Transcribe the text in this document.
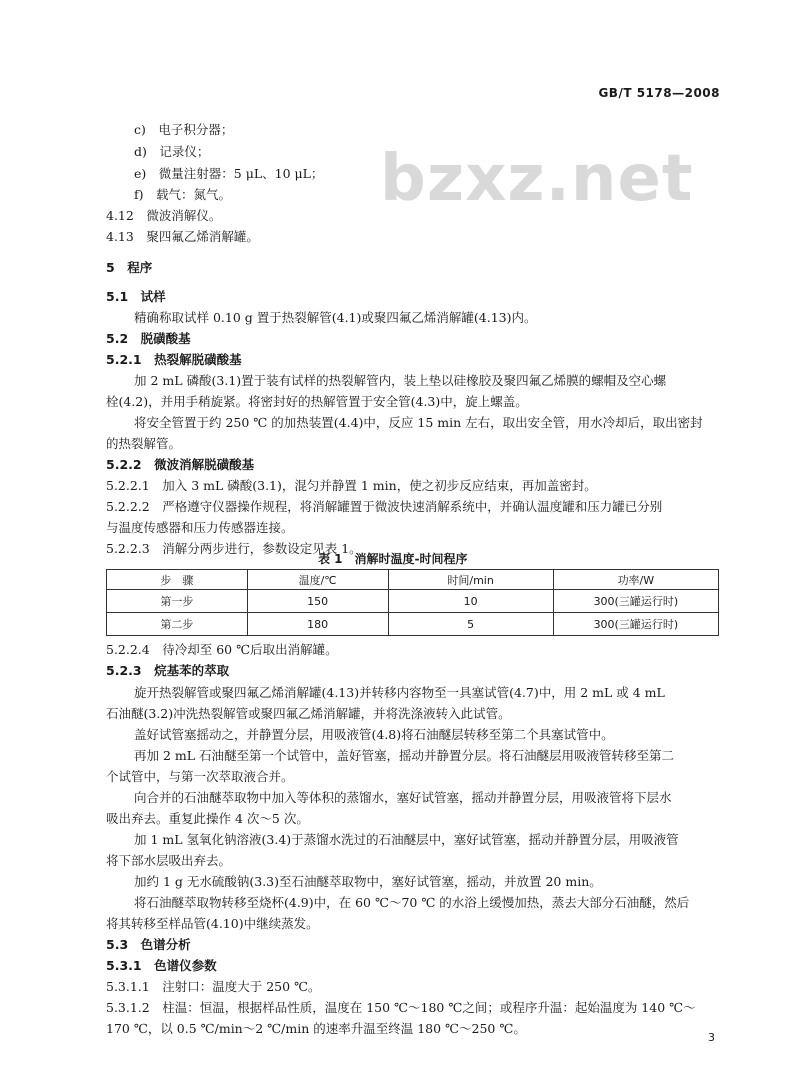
GB/T 5178—2008
bzxz.net
c)　电子积分器；
d)　记录仪；
e)　微量注射器：5 μL、10 μL；
f)　载气：氮气。
4.12　微波消解仪。
4.13　聚四氟乙烯消解罐。
5　程序
5.1　试样
精确称取试样 0.10 g 置于热裂解管(4.1)或聚四氟乙烯消解罐(4.13)内。
5.2　脱磺酸基
5.2.1　热裂解脱磺酸基
加 2 mL 磷酸(3.1)置于装有试样的热裂解管内，装上垫以硅橡胶及聚四氟乙烯膜的螺帽及空心螺
栓(4.2)，并用手稍旋紧。将密封好的热解管置于安全管(4.3)中，旋上螺盖。
将安全管置于约 250 ℃ 的加热装置(4.4)中，反应 15 min 左右，取出安全管，用水冷却后，取出密封
的热裂解管。
5.2.2　微波消解脱磺酸基
5.2.2.1　加入 3 mL 磷酸(3.1)，混匀并静置 1 min，使之初步反应结束，再加盖密封。
5.2.2.2　严格遵守仪器操作规程，将消解罐置于微波快速消解系统中，并确认温度罐和压力罐已分别
与温度传感器和压力传感器连接。
5.2.2.3　消解分两步进行，参数设定见表 1。
表 1　消解时温度-时间程序
步　骤	温度/℃	时间/min	功率/W
第一步	150	10	300(三罐运行时)
第二步	180	5	300(三罐运行时)
5.2.2.4　待冷却至 60 ℃后取出消解罐。
5.2.3　烷基苯的萃取
旋开热裂解管或聚四氟乙烯消解罐(4.13)并转移内容物至一具塞试管(4.7)中，用 2 mL 或 4 mL
石油醚(3.2)冲洗热裂解管或聚四氟乙烯消解罐，并将洗涤液转入此试管。
盖好试管塞摇动之，并静置分层，用吸液管(4.8)将石油醚层转移至第二个具塞试管中。
再加 2 mL 石油醚至第一个试管中，盖好管塞，摇动并静置分层。将石油醚层用吸液管转移至第二
个试管中，与第一次萃取液合并。
向合并的石油醚萃取物中加入等体积的蒸馏水，塞好试管塞，摇动并静置分层，用吸液管将下层水
吸出弃去。重复此操作 4 次～5 次。
加 1 mL 氢氧化钠溶液(3.4)于蒸馏水洗过的石油醚层中，塞好试管塞，摇动并静置分层，用吸液管
将下部水层吸出弃去。
加约 1 g 无水硫酸钠(3.3)至石油醚萃取物中，塞好试管塞，摇动，并放置 20 min。
将石油醚萃取物转移至烧杯(4.9)中，在 60 ℃～70 ℃ 的水浴上缓慢加热，蒸去大部分石油醚，然后
将其转移至样品管(4.10)中继续蒸发。
5.3　色谱分析
5.3.1　色谱仪参数
5.3.1.1　注射口：温度大于 250 ℃。
5.3.1.2　柱温：恒温，根据样品性质，温度在 150 ℃～180 ℃之间；或程序升温：起始温度为 140 ℃～
170 ℃，以 0.5 ℃/min～2 ℃/min 的速率升温至终温 180 ℃～250 ℃。
3
